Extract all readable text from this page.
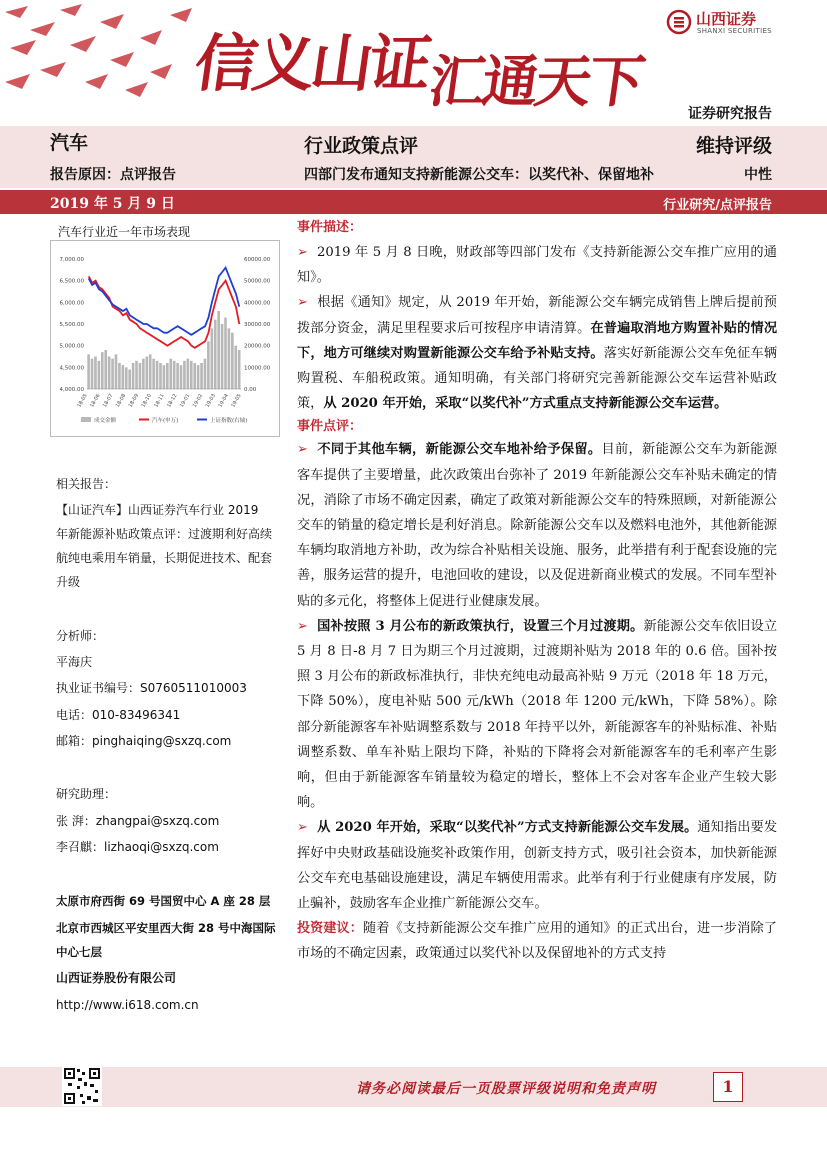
信义山证
汇通天下
山西证券
SHANXI SECURITIES
证券研究报告
汽车	行业政策点评	维持评级
报告原因：点评报告	四部门发布通知支持新能源公交车：以奖代补、保留地补	中性
2019 年 5 月 9 日	行业研究/点评报告
汽车行业近一年市场表现
7,000.00
6,500.00
6,000.00
5,500.00
5,000.00
4,500.00
4,000.00
60000.00
50000.00
40000.00
30000.00
20000.00
10000.00
0.00
18-05 18-06 18-07 18-08 18-09 18-10 18-11 18-12 19-01 19-02 19-03 19-04 19-05
成交金额	汽车(申万)	上证指数(右轴)
相关报告：
【山证汽车】山西证券汽车行业 2019 年新能源补贴政策点评：过渡期利好高续航纯电乘用车销量，长期促进技术、配套升级
分析师：
平海庆
执业证书编号：S0760511010003
电话：010-83496341
邮箱：pinghaiqing@sxzq.com
研究助理：
张 湃：zhangpai@sxzq.com
李召麒：lizhaoqi@sxzq.com
太原市府西街 69 号国贸中心 A 座 28 层
北京市西城区平安里西大街 28 号中海国际中心七层
山西证券股份有限公司
http://www.i618.com.cn
事件描述：

➢ 2019 年 5 月 8 日晚，财政部等四部门发布《支持新能源公交车推广应用的通知》。

➢ 根据《通知》规定，从 2019 年开始，新能源公交车辆完成销售上牌后提前预拨部分资金，满足里程要求后可按程序申请清算。在普遍取消地方购置补贴的情况下，地方可继续对购置新能源公交车给予补贴支持。落实好新能源公交车免征车辆购置税、车船税政策。通知明确，有关部门将研究完善新能源公交车运营补贴政策，从 2020 年开始，采取“以奖代补”方式重点支持新能源公交车运营。

事件点评：

➢ 不同于其他车辆，新能源公交车地补给予保留。目前，新能源公交车为新能源客车提供了主要增量，此次政策出台弥补了 2019 年新能源公交车补贴未确定的情况，消除了市场不确定因素，确定了政策对新能源公交车的特殊照顾，对新能源公交车的销量的稳定增长是利好消息。除新能源公交车以及燃料电池外，其他新能源车辆均取消地方补助，改为综合补贴相关设施、服务，此举措有利于配套设施的完善，服务运营的提升，电池回收的建设，以及促进新商业模式的发展。不同车型补贴的多元化，将整体上促进行业健康发展。

➢ 国补按照 3 月公布的新政策执行，设置三个月过渡期。新能源公交车依旧设立 5 月 8 日-8 月 7 日为期三个月过渡期，过渡期补贴为 2018 年的 0.6 倍。国补按照 3 月公布的新政标准执行，非快充纯电动最高补贴 9 万元（2018 年 18 万元，下降 50%），度电补贴 500 元/kWh（2018 年 1200 元/kWh，下降 58%）。除部分新能源客车补贴调整系数与 2018 年持平以外，新能源客车的补贴标准、补贴调整系数、单车补贴上限均下降，补贴的下降将会对新能源客车的毛利率产生影响，但由于新能源客车销量较为稳定的增长，整体上不会对客车企业产生较大影响。

➢ 从 2020 年开始，采取“以奖代补”方式支持新能源公交车发展。通知指出要发挥好中央财政基础设施奖补政策作用，创新支持方式，吸引社会资本，加快新能源公交车充电基础设施建设，满足车辆使用需求。此举有利于行业健康有序发展，防止骗补，鼓励客车企业推广新能源公交车。

投资建议：随着《支持新能源公交车推广应用的通知》的正式出台，进一步消除了市场的不确定因素，政策通过以奖代补以及保留地补的方式支持

请务必阅读最后一页股票评级说明和免责声明	1
